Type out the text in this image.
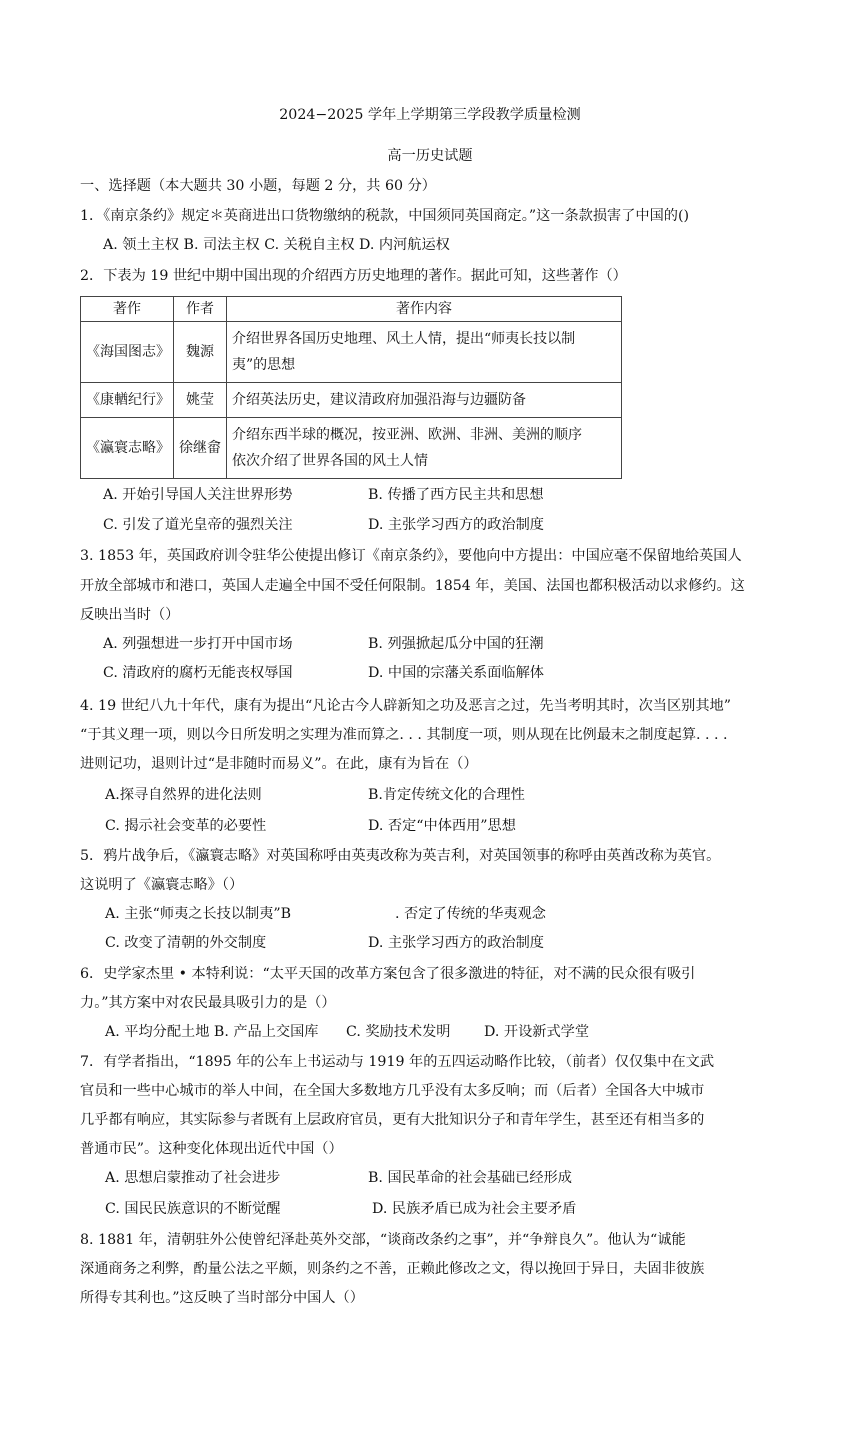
2024−2025 学年上学期第三学段教学质量检测
高一历史试题
一、选择题（本大题共 30 小题，每题 2 分，共 60 分）
1．《南京条约》规定＊英商进出口货物缴纳的税款，中国须同英国商定。”这一条款损害了中国的()
A. 领土主权 B. 司法主权 C. 关税自主权 D. 内河航运权
2．下表为 19 世纪中期中国出现的介绍西方历史地理的著作。据此可知，这些著作（）
著作	作者	著作内容
《海国图志》	魏源	介绍世界各国历史地理、风土人情，提出“师夷长技以制
夷”的思想
《康輶纪行》	姚莹	介绍英法历史，建议清政府加强沿海与边疆防备
《瀛寰志略》	徐继畲	介绍东西半球的概况，按亚洲、欧洲、非洲、美洲的顺序
依次介绍了世界各国的风土人情
A. 开始引导国人关注世界形势	B. 传播了西方民主共和思想
C. 引发了道光皇帝的强烈关注	D. 主张学习西方的政治制度
3. 1853 年，英国政府训令驻华公使提出修订《南京条约》，要他向中方提出：中国应毫不保留地给英国人
开放全部城市和港口，英国人走遍全中国不受任何限制。1854 年，美国、法国也都积极活动以求修约。这
反映出当时（）
A. 列强想进一步打开中国市场	B. 列强掀起瓜分中国的狂潮
C. 清政府的腐朽无能丧权辱国	D. 中国的宗藩关系面临解体
4. 19 世纪八九十年代，康有为提出“凡论古今人辟新知之功及恶言之过，先当考明其时，次当区别其地”
“于其义理一项，则以今日所发明之实理为准而算之. . . 其制度一项，则从现在比例最末之制度起算. . . .
进则记功，退则计过“是非随时而易义”。在此，康有为旨在（）
A.探寻自然界的进化法则	B.肯定传统文化的合理性
C. 揭示社会变革的必要性	D. 否定“中体西用”思想
5．鸦片战争后，《瀛寰志略》对英国称呼由英夷改称为英吉利，对英国领事的称呼由英酋改称为英官。
这说明了《瀛寰志略》（）
A. 主张“师夷之长技以制夷”B	. 否定了传统的华夷观念
C. 改变了清朝的外交制度	D. 主张学习西方的政治制度
6．史学家杰里 • 本特利说：“太平天国的改革方案包含了很多激进的特征，对不满的民众很有吸引
力。”其方案中对农民最具吸引力的是（）
A. 平均分配土地 B. 产品上交国库 C. 奖励技术发明 D. 开设新式学堂
7．有学者指出，“1895 年的公车上书运动与 1919 年的五四运动略作比较，（前者）仅仅集中在文武
官员和一些中心城市的举人中间，在全国大多数地方几乎没有太多反响；而（后者）全国各大中城市
几乎都有响应，其实际参与者既有上层政府官员，更有大批知识分子和青年学生，甚至还有相当多的
普通市民”。这种变化体现出近代中国（）
A. 思想启蒙推动了社会进步	B. 国民革命的社会基础已经形成
C. 国民民族意识的不断觉醒	D. 民族矛盾已成为社会主要矛盾
8. 1881 年，清朝驻外公使曾纪泽赴英外交部，“谈商改条约之事”，并“争辩良久”。他认为“诚能
深通商务之利弊，酌量公法之平颇，则条约之不善，正赖此修改之文，得以挽回于异日，夫固非彼族
所得专其利也。”这反映了当时部分中国人（）
